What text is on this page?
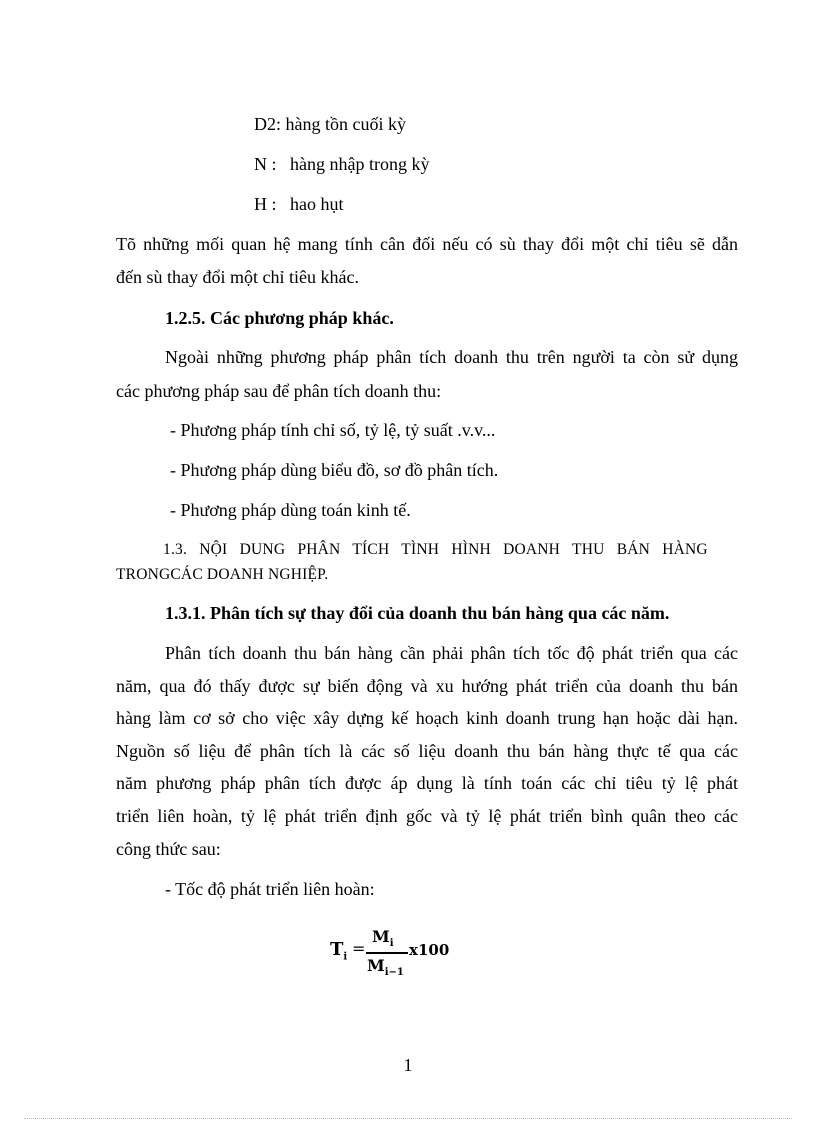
D2: hàng tồn cuối kỳ
N :   hàng nhập trong kỳ
H :   hao hụt
Tõ những mối quan hệ mang tính cân đối nếu có sù thay đổi một chỉ tiêu sẽ dẫn
đến sù thay đổi một chỉ tiêu khác.
1.2.5. Các phương pháp khác.
Ngoài những phương pháp phân tích doanh thu trên người ta còn sử dụng
các phương pháp sau để phân tích doanh thu:
- Phương pháp tính chỉ số, tỷ lệ, tỷ suất .v.v...
- Phương pháp dùng biểu đồ, sơ đồ phân tích.
- Phương pháp dùng toán kinh tế.
1.3.   NỘI   DUNG   PHÂN   TÍCH   TÌNH   HÌNH   DOANH   THU   BÁN   HÀNG
TRONGCÁC DOANH NGHIỆP.
1.3.1. Phân tích sự thay đổi của doanh thu bán hàng qua các năm.
Phân tích doanh thu bán hàng cần phải phân tích tốc độ phát triển qua các
năm, qua đó thấy được sự biến động và xu hướng phát triển của doanh thu bán
hàng làm cơ sở cho việc xây dựng kế hoạch kinh doanh trung hạn hoặc dài hạn.
Nguồn số liệu để phân tích là các số liệu doanh thu bán hàng thực tế qua các
năm phương pháp phân tích được áp dụng là tính toán các chỉ tiêu tỷ lệ phát
triển liên hoàn, tỷ lệ phát triển định gốc và tỷ lệ phát triển bình quân theo các
công thức sau:
- Tốc độ phát triển liên hoàn:
$T_i$ =
$M_i$
$M_{i-1}$
x100
1
